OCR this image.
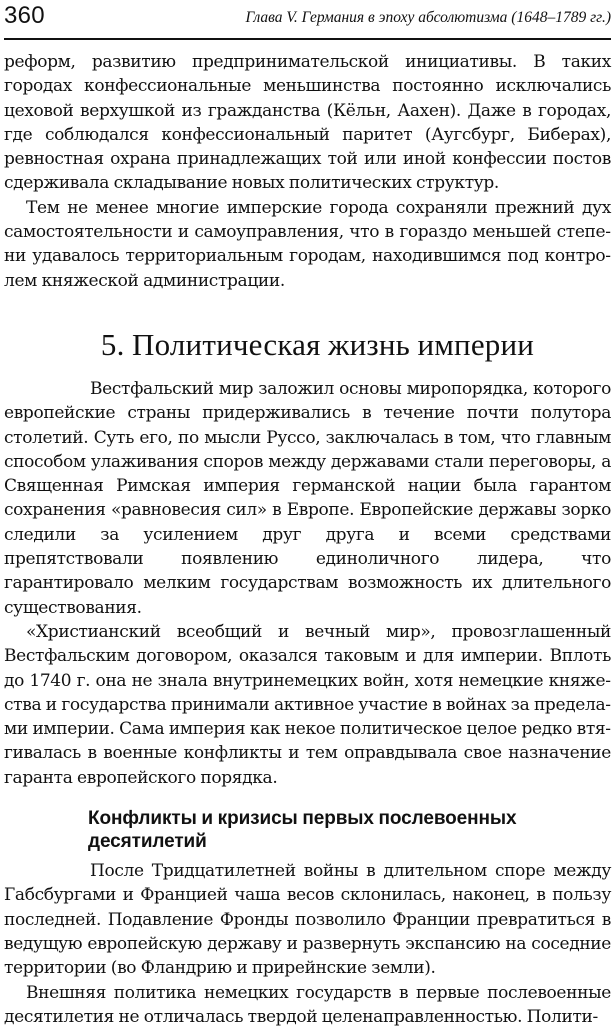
360	Глава V. Германия в эпоху абсолютизма (1648–1789 гг.)

реформ, развитию предпринимательской инициативы. В таких городах конфессиональные меньшинства постоянно исключались цеховой верхушкой из гражданства (Кёльн, Аахен). Даже в городах, где соблюдался конфессиональный паритет (Аугсбург, Биберах), ревностная охрана принадлежащих той или иной конфессии постов сдерживала складывание новых политических структур.

Тем не менее многие имперские города сохраняли прежний дух самостоятельности и самоуправления, что в гораздо меньшей степени удавалось территориальным городам, находившимся под контролем княжеской администрации.

5. Политическая жизнь империи

Вестфальский мир заложил основы миропорядка, которого европейские страны придерживались в течение почти полутора столетий. Суть его, по мысли Руссо, заключалась в том, что главным способом улаживания споров между державами стали переговоры, а Священная Римская империя германской нации была гарантом сохранения «равновесия сил» в Европе. Европейские державы зорко следили за усилением друг друга и всеми средствами препятствовали появлению единоличного лидера, что гарантировало мелким государствам возможность их длительного существования.

«Христианский всеобщий и вечный мир», провозглашенный Вестфальским договором, оказался таковым и для империи. Вплоть до 1740 г. она не знала внутринемецких войн, хотя немецкие княжества и государства принимали активное участие в войнах за пределами империи. Сама империя как некое политическое целое редко втягивалась в военные конфликты и тем оправдывала свое назначение гаранта европейского порядка.

Конфликты и кризисы первых послевоенных десятилетий

После Тридцатилетней войны в длительном споре между Габсбургами и Францией чаша весов склонилась, наконец, в пользу последней. Подавление Фронды позволило Франции превратиться в ведущую европейскую державу и развернуть экспансию на соседние территории (во Фландрию и прирейнские земли).

Внешняя политика немецких государств в первые послевоенные десятилетия не отличалась твердой целенаправленностью. Полити-
